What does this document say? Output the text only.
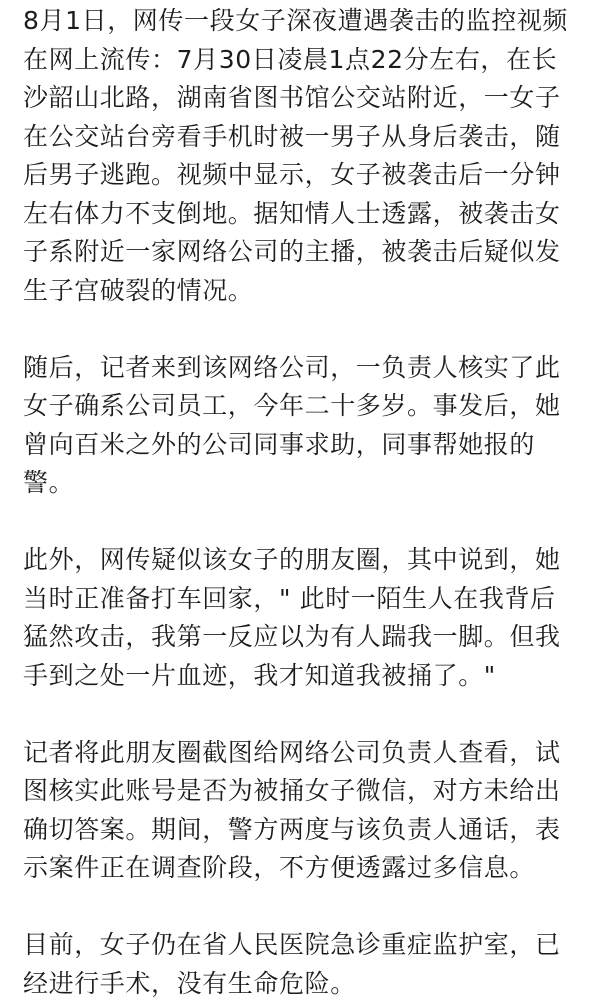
8月1日，网传一段女子深夜遭遇袭击的监控视频
在网上流传：7月30日凌晨1点22分左右，在长
沙韶山北路，湖南省图书馆公交站附近，一女子
在公交站台旁看手机时被一男子从身后袭击，随
后男子逃跑。视频中显示，女子被袭击后一分钟
左右体力不支倒地。据知情人士透露，被袭击女
子系附近一家网络公司的主播，被袭击后疑似发
生子宫破裂的情况。

随后，记者来到该网络公司，一负责人核实了此
女子确系公司员工，今年二十多岁。事发后，她
曾向百米之外的公司同事求助，同事帮她报的
警。

此外，网传疑似该女子的朋友圈，其中说到，她
当时正准备打车回家，" 此时一陌生人在我背后
猛然攻击，我第一反应以为有人踹我一脚。但我
手到之处一片血迹，我才知道我被捅了。"

记者将此朋友圈截图给网络公司负责人查看，试
图核实此账号是否为被捅女子微信，对方未给出
确切答案。期间，警方两度与该负责人通话，表
示案件正在调查阶段，不方便透露过多信息。

目前，女子仍在省人民医院急诊重症监护室，已
经进行手术，没有生命危险。
